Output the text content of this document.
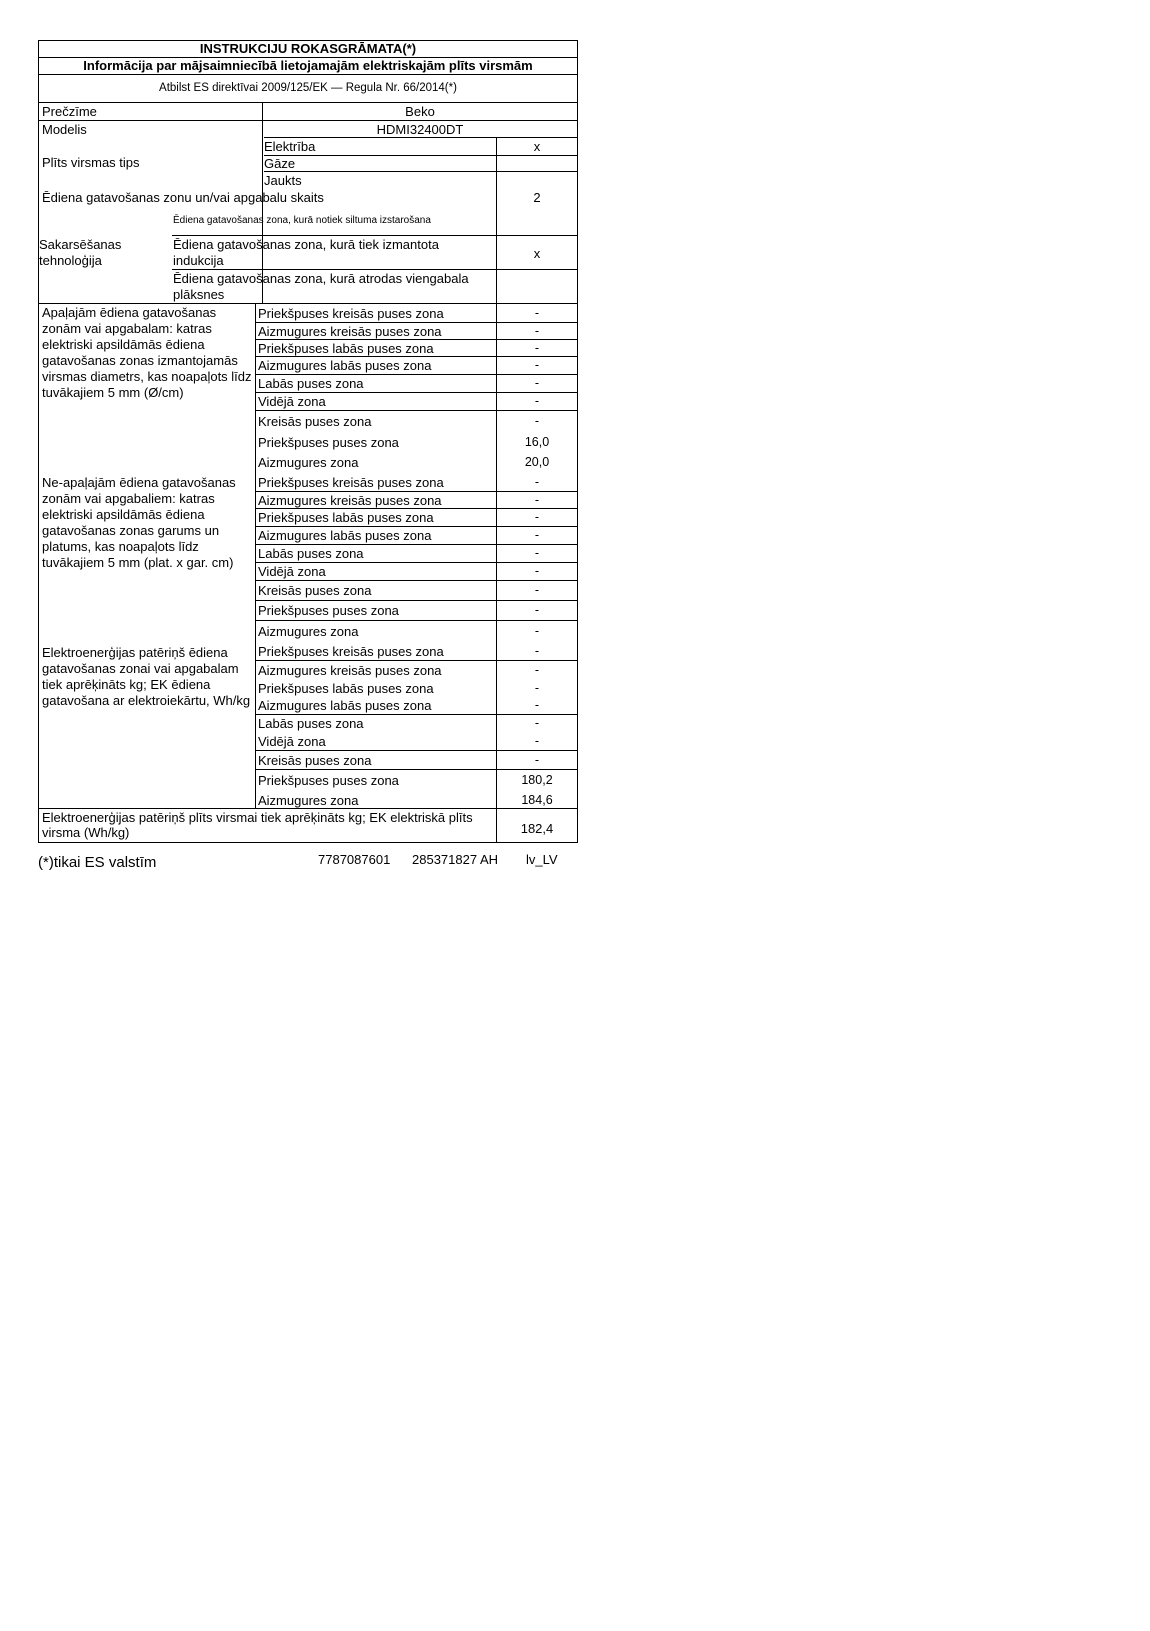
INSTRUKCIJU ROKASGRĀMATA(*)
Informācija par mājsaimniecībā lietojamajām elektriskajām plīts virsmām
Atbilst ES direktīvai 2009/125/EK — Regula Nr. 66/2014(*)
Prečzīme	Beko
Modelis	HDMI32400DT
Plīts virsmas tips
Elektrība	x
Gāze
Jaukts
Ēdiena gatavošanas zonu un/vai apgabalu skaits	2
Sakarsēšanas tehnoloģija
Ēdiena gatavošanas zona, kurā notiek siltuma izstarošana
Ēdiena gatavošanas zona, kurā tiek izmantota indukcija	x
Ēdiena gatavošanas zona, kurā atrodas viengabala plāksnes
Apaļajām ēdiena gatavošanas zonām vai apgabalam: katras elektriski apsildāmās ēdiena gatavošanas zonas izmantojamās virsmas diametrs, kas noapaļots līdz tuvākajiem 5 mm (Ø/cm)
Priekšpuses kreisās puses zona	-
Aizmugures kreisās puses zona	-
Priekšpuses labās puses zona	-
Aizmugures labās puses zona	-
Labās puses zona	-
Vidējā zona	-
Kreisās puses zona	-
Priekšpuses puses zona	16,0
Aizmugures zona	20,0
Ne-apaļajām ēdiena gatavošanas zonām vai apgabaliem: katras elektriski apsildāmās ēdiena gatavošanas zonas garums un platums, kas noapaļots līdz tuvākajiem 5 mm (plat. x gar. cm)
Priekšpuses kreisās puses zona	-
Aizmugures kreisās puses zona	-
Priekšpuses labās puses zona	-
Aizmugures labās puses zona	-
Labās puses zona	-
Vidējā zona	-
Kreisās puses zona	-
Priekšpuses puses zona	-
Aizmugures zona	-
Elektroenerģijas patēriņš ēdiena gatavošanas zonai vai apgabalam tiek aprēķināts kg; EK ēdiena gatavošana ar elektroiekārtu, Wh/kg
Priekšpuses kreisās puses zona	-
Aizmugures kreisās puses zona	-
Priekšpuses labās puses zona	-
Aizmugures labās puses zona	-
Labās puses zona	-
Vidējā zona	-
Kreisās puses zona	-
Priekšpuses puses zona	180,2
Aizmugures zona	184,6
Elektroenerģijas patēriņš plīts virsmai tiek aprēķināts kg; EK elektriskā plīts virsma (Wh/kg)	182,4
(*)tikai ES valstīm	7787087601 285371827 AH lv_LV
